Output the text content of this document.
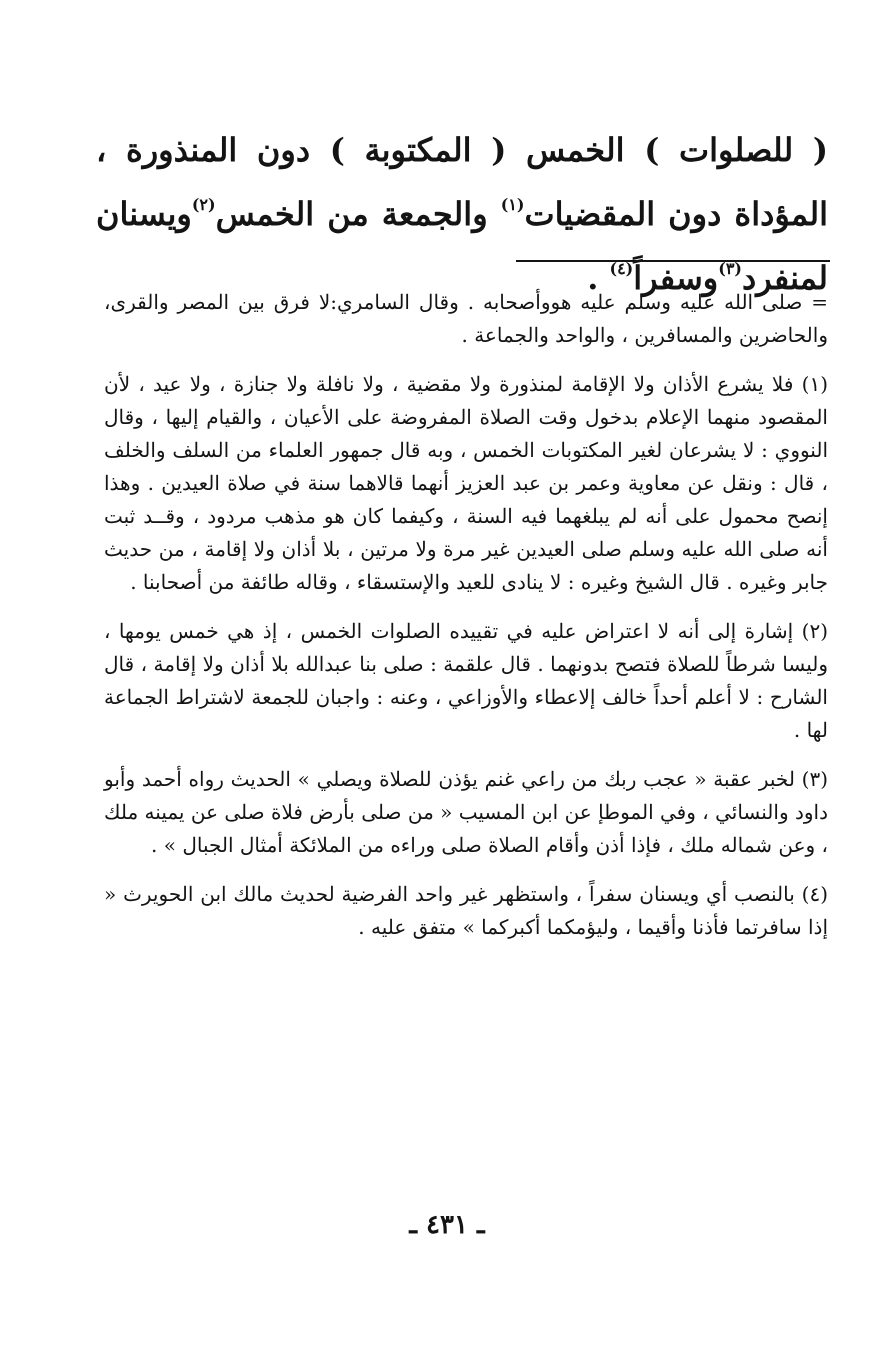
( للصلوات ) الخمس ( المكتوبة ) دون المنذورة ، المؤداة دون المقضيات$^{(١)}$ والجمعة من الخمس$^{(٢)}$ويسنان لمنفرد$^{(٣)}$وسفراً$^{(٤)}$ .

= صلى الله عليه وسلم عليه هووأصحابه . وقال السامري:لا فرق بين المصر والقرى، والحاضرين والمسافرين ، والواحد والجماعة .

(١) فلا يشرع الأذان ولا الإقامة لمنذورة ولا مقضية ، ولا نافلة ولا جنازة ، ولا عيد ، لأن المقصود منهما الإعلام بدخول وقت الصلاة المفروضة على الأعيان ، والقيام إليها ، وقال النووي : لا يشرعان لغير المكتوبات الخمس ، وبه قال جمهور العلماء من السلف والخلف ، قال : ونقل عن معاوية وعمر بن عبد العزيز أنهما قالاهما سنة في صلاة العيدين . وهذا إنصح محمول على أنه لم يبلغهما فيه السنة ، وكيفما كان هو مذهب مردود ، وقــد ثبت أنه صلى الله عليه وسلم صلى العيدين غير مرة ولا مرتين ، بلا أذان ولا إقامة ، من حديث جابر وغيره . قال الشيخ وغيره : لا ينادى للعيد والإستسقاء ، وقاله طائفة من أصحابنا .

(٢) إشارة إلى أنه لا اعتراض عليه في تقييده الصلوات الخمس ، إذ هي خمس يومها ، وليسا شرطاً للصلاة فتصح بدونهما . قال علقمة : صلى بنا عبدالله بلا أذان ولا إقامة ، قال الشارح : لا أعلم أحداً خالف إلاعطاء والأوزاعي ، وعنه : واجبان للجمعة لاشتراط الجماعة لها .

(٣) لخبر عقبة « عجب ربك من راعي غنم يؤذن للصلاة ويصلي » الحديث رواه أحمد وأبو داود والنسائي ، وفي الموطإ عن ابن المسيب « من صلى بأرض فلاة صلى عن يمينه ملك ، وعن شماله ملك ، فإذا أذن وأقام الصلاة صلى وراءه من الملائكة أمثال الجبال » .

(٤) بالنصب أي ويسنان سفراً ، واستظهر غير واحد الفرضية لحديث مالك ابن الحويرث « إذا سافرتما فأذنا وأقيما ، وليؤمكما أكبركما » متفق عليه .

ـ ٤٣١ ـ
